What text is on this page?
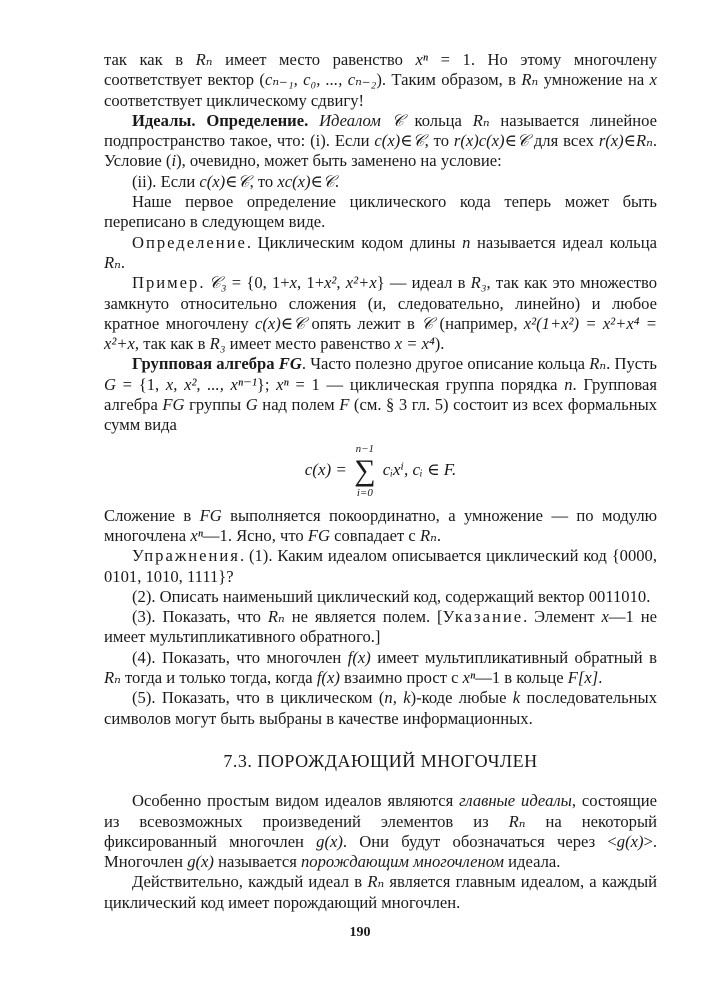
так как в Rₙ имеет место равенство xⁿ = 1. Но этому многочлену соответствует вектор (cₙ₋₁, c₀, ..., cₙ₋₂). Таким образом, в Rₙ умножение на x соответствует циклическому сдвигу!

Идеалы. Определение. Идеалом 𝒞 кольца Rₙ называется линейное подпространство такое, что: (i). Если c(x)∈𝒞, то r(x)c(x)∈𝒞 для всех r(x)∈Rₙ. Условие (i), очевидно, может быть заменено на условие:

(ii). Если c(x)∈𝒞, то xc(x)∈𝒞.

Наше первое определение циклического кода теперь может быть переписано в следующем виде.

Определение. Циклическим кодом длины n называется идеал кольца Rₙ.

Пример. 𝒞₃ = {0, 1+x, 1+x², x²+x} — идеал в R₃, так как это множество замкнуто относительно сложения (и, следовательно, линейно) и любое кратное многочлену c(x)∈𝒞 опять лежит в 𝒞 (например, x²(1+x²) = x²+x⁴ = x²+x, так как в R₃ имеет место равенство x = x⁴).

Групповая алгебра FG. Часто полезно другое описание кольца Rₙ. Пусть G = {1, x, x², ..., xⁿ⁻¹}; xⁿ = 1 — циклическая группа порядка n. Групповая алгебра FG группы G над полем F (см. § 3 гл. 5) состоит из всех формальных сумм вида

c(x) =
n−1
∑
i=0
cᵢxⁱ, cᵢ ∈ F.

Сложение в FG выполняется покоординатно, а умножение — по модулю многочлена xⁿ—1. Ясно, что FG совпадает с Rₙ.

Упражнения. (1). Каким идеалом описывается циклический код {0000, 0101, 1010, 1111}?

(2). Описать наименьший циклический код, содержащий вектор 0011010.

(3). Показать, что Rₙ не является полем. [Указание. Элемент x—1 не имеет мультипликативного обратного.]

(4). Показать, что многочлен f(x) имеет мультипликативный обратный в Rₙ тогда и только тогда, когда f(x) взаимно прост с xⁿ—1 в кольце F[x].

(5). Показать, что в циклическом (n, k)-коде любые k последовательных символов могут быть выбраны в качестве информационных.

7.3. ПОРОЖДАЮЩИЙ МНОГОЧЛЕН

Особенно простым видом идеалов являются главные идеалы, состоящие из всевозможных произведений элементов из Rₙ на некоторый фиксированный многочлен g(x). Они будут обозначаться через <g(x)>. Многочлен g(x) называется порождающим многочленом идеала.

Действительно, каждый идеал в Rₙ является главным идеалом, а каждый циклический код имеет порождающий многочлен.

190
